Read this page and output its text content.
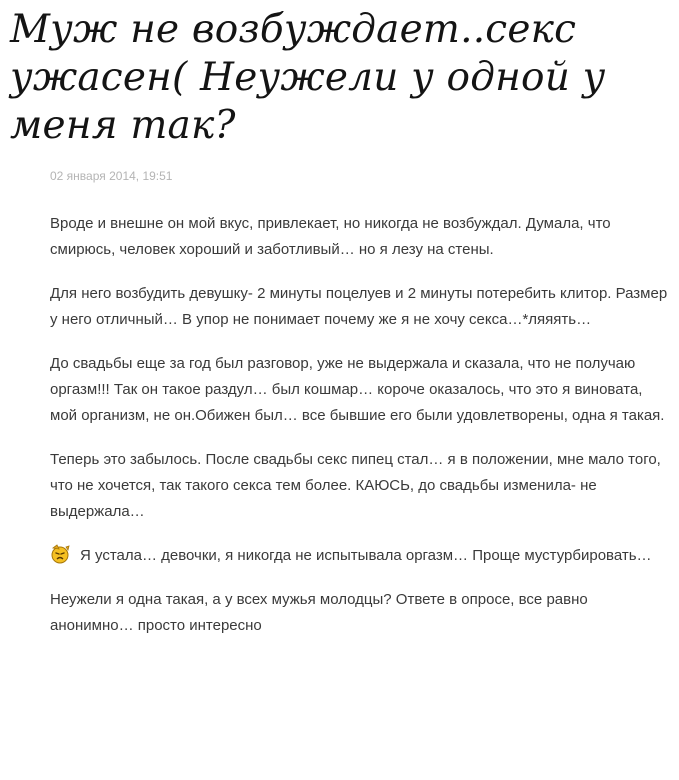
Муж не возбуждает..секс ужасен( Неужели у одной у меня так?
02 января 2014, 19:51

Вроде и внешне он мой вкус, привлекает, но никогда не возбуждал. Думала, что смирюсь, человек хороший и заботливый… но я лезу на стены.

Для него возбудить девушку- 2 минуты поцелуев и 2 минуты потеребить клитор. Размер у него отличный… В упор не понимает почему же я не хочу секса…*ляяять…

До свадьбы еще за год был разговор, уже не выдержала и сказала, что не получаю оргазм!!! Так он такое раздул… был кошмар… короче оказалось, что это я виновата, мой организм, не он.Обижен был… все бывшие его были удовлетворены, одна я такая.

Теперь это забылось. После свадьбы секс пипец стал… я в положении, мне мало того, что не хочется, так такого секса тем более. КАЮСЬ, до свадьбы изменила- не выдержала…

Я устала… девочки, я никогда не испытывала оргазм… Проще мустурбировать…

Неужели я одна такая, а у всех мужья молодцы? Ответе в опросе, все равно анонимно… просто интересно
